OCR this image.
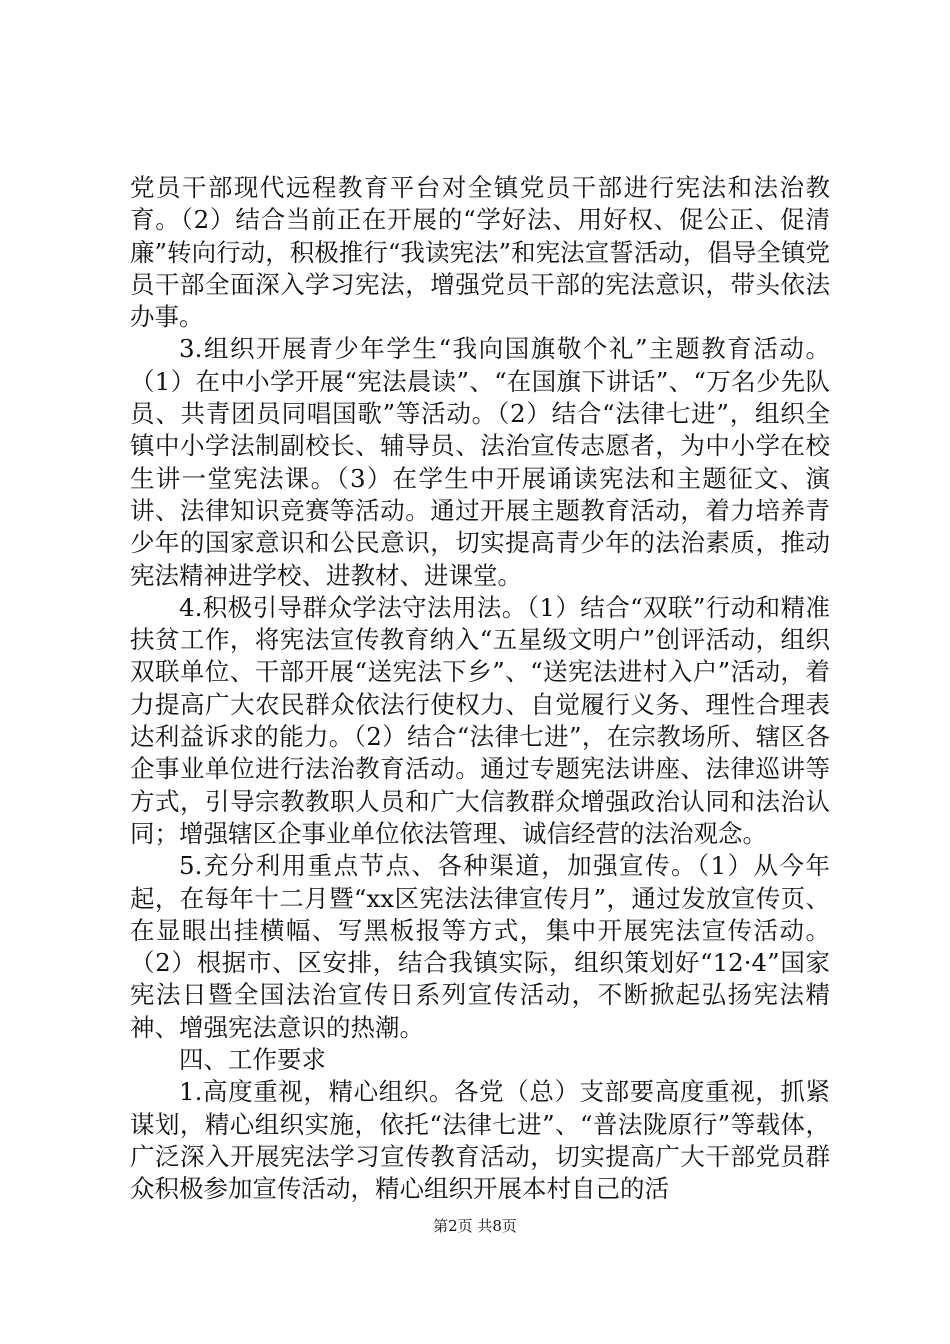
党员干部现代远程教育平台对全镇党员干部进行宪法和法治教育。（2）结合当前正在开展的“学好法、用好权、促公正、促清廉”转向行动，积极推行“我读宪法”和宪法宣誓活动，倡导全镇党员干部全面深入学习宪法，增强党员干部的宪法意识，带头依法办事。

3.组织开展青少年学生“我向国旗敬个礼”主题教育活动。（1）在中小学开展“宪法晨读”、“在国旗下讲话”、“万名少先队员、共青团员同唱国歌”等活动。（2）结合“法律七进”，组织全镇中小学法制副校长、辅导员、法治宣传志愿者，为中小学在校生讲一堂宪法课。（3）在学生中开展诵读宪法和主题征文、演讲、法律知识竞赛等活动。通过开展主题教育活动，着力培养青少年的国家意识和公民意识，切实提高青少年的法治素质，推动宪法精神进学校、进教材、进课堂。

4.积极引导群众学法守法用法。（1）结合“双联”行动和精准扶贫工作，将宪法宣传教育纳入“五星级文明户”创评活动，组织双联单位、干部开展“送宪法下乡”、“送宪法进村入户”活动，着力提高广大农民群众依法行使权力、自觉履行义务、理性合理表达利益诉求的能力。（2）结合“法律七进”，在宗教场所、辖区各企事业单位进行法治教育活动。通过专题宪法讲座、法律巡讲等方式，引导宗教教职人员和广大信教群众增强政治认同和法治认同；增强辖区企事业单位依法管理、诚信经营的法治观念。

5.充分利用重点节点、各种渠道，加强宣传。（1）从今年起，在每年十二月暨“xx区宪法法律宣传月”，通过发放宣传页、在显眼出挂横幅、写黑板报等方式，集中开展宪法宣传活动。（2）根据市、区安排，结合我镇实际，组织策划好“12·4”国家宪法日暨全国法治宣传日系列宣传活动，不断掀起弘扬宪法精神、增强宪法意识的热潮。

四、工作要求

1.高度重视，精心组织。各党（总）支部要高度重视，抓紧谋划，精心组织实施，依托“法律七进”、“普法陇原行”等载体，广泛深入开展宪法学习宣传教育活动，切实提高广大干部党员群众积极参加宣传活动，精心组织开展本村自己的活

第2页 共8页
